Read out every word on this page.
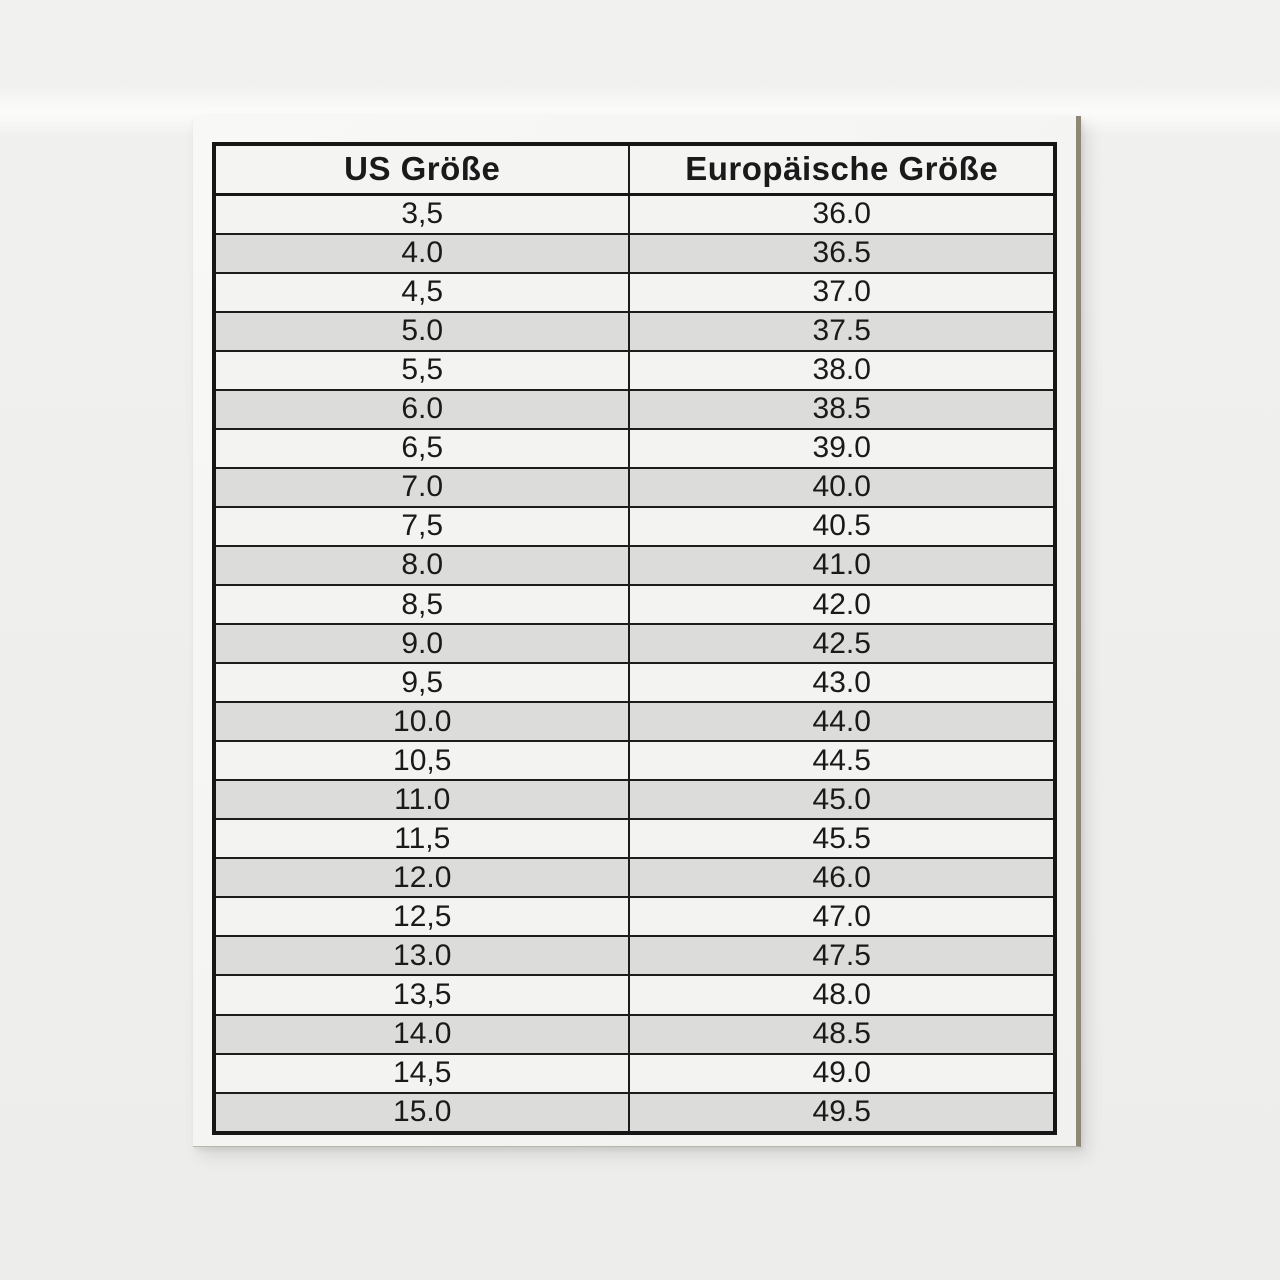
US Größe	Europäische Größe
3,5	36.0
4.0	36.5
4,5	37.0
5.0	37.5
5,5	38.0
6.0	38.5
6,5	39.0
7.0	40.0
7,5	40.5
8.0	41.0
8,5	42.0
9.0	42.5
9,5	43.0
10.0	44.0
10,5	44.5
11.0	45.0
11,5	45.5
12.0	46.0
12,5	47.0
13.0	47.5
13,5	48.0
14.0	48.5
14,5	49.0
15.0	49.5
